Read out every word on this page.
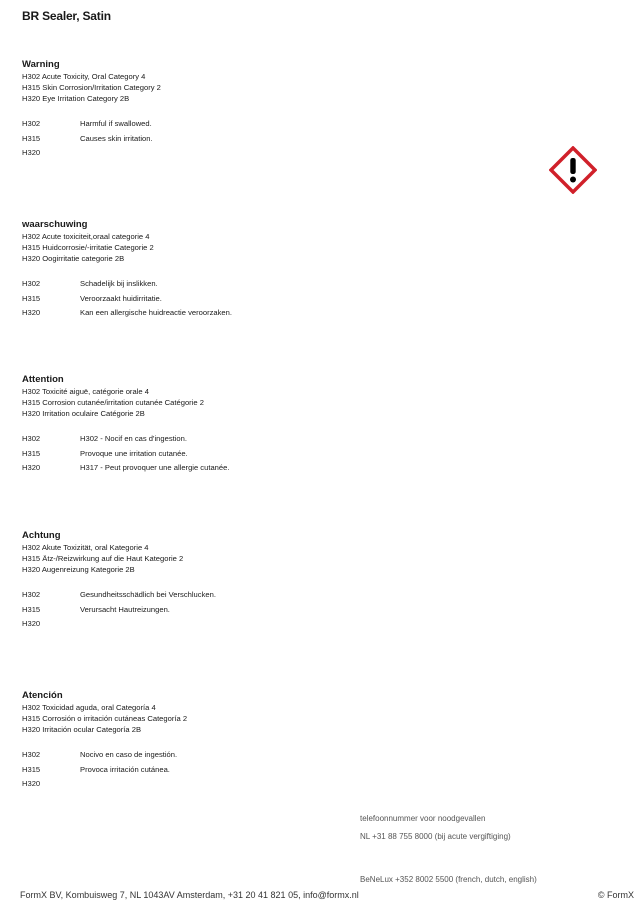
BR Sealer, Satin
Warning
H302 Acute Toxicity, Oral Category 4
H315 Skin Corrosion/Irritation Category 2
H320 Eye Irritation Category 2B
H302	Harmful if swallowed.
H315	Causes skin irritation.
H320
waarschuwing
H302 Acute toxiciteit,oraal categorie 4
H315 Huidcorrosie/-irritatie Categorie 2
H320 Oogirritatie categorie 2B
H302	Schadelijk bij inslikken.
H315	Veroorzaakt huidirritatie.
H320	Kan een allergische huidreactie veroorzaken.
Attention
H302 Toxicité aiguë, catégorie orale 4
H315 Corrosion cutanée/irritation cutanée Catégorie 2
H320 Irritation oculaire Catégorie 2B
H302	H302 - Nocif en cas d'ingestion.
H315	Provoque une irritation cutanée.
H320	H317 - Peut provoquer une allergie cutanée.
Achtung
H302 Akute Toxizität, oral Kategorie 4
H315 Ätz-/Reizwirkung auf die Haut Kategorie 2
H320 Augenreizung Kategorie 2B
H302	Gesundheitsschädlich bei Verschlucken.
H315	Verursacht Hautreizungen.
H320
Atención
H302 Toxicidad aguda, oral Categoría 4
H315 Corrosión o irritación cutáneas Categoría 2
H320 Irritación ocular Categoría 2B
H302	Nocivo en caso de ingestión.
H315	Provoca irritación cutánea.
H320
telefoonnummer voor noodgevallen
NL +31 88 755 8000 (bij acute vergiftiging)
BeNeLux +352 8002 5500 (french, dutch, english)
FormX BV, Kombuisweg 7, NL 1043AV Amsterdam, +31 20 41 821 05, info@formx.nl	© FormX
